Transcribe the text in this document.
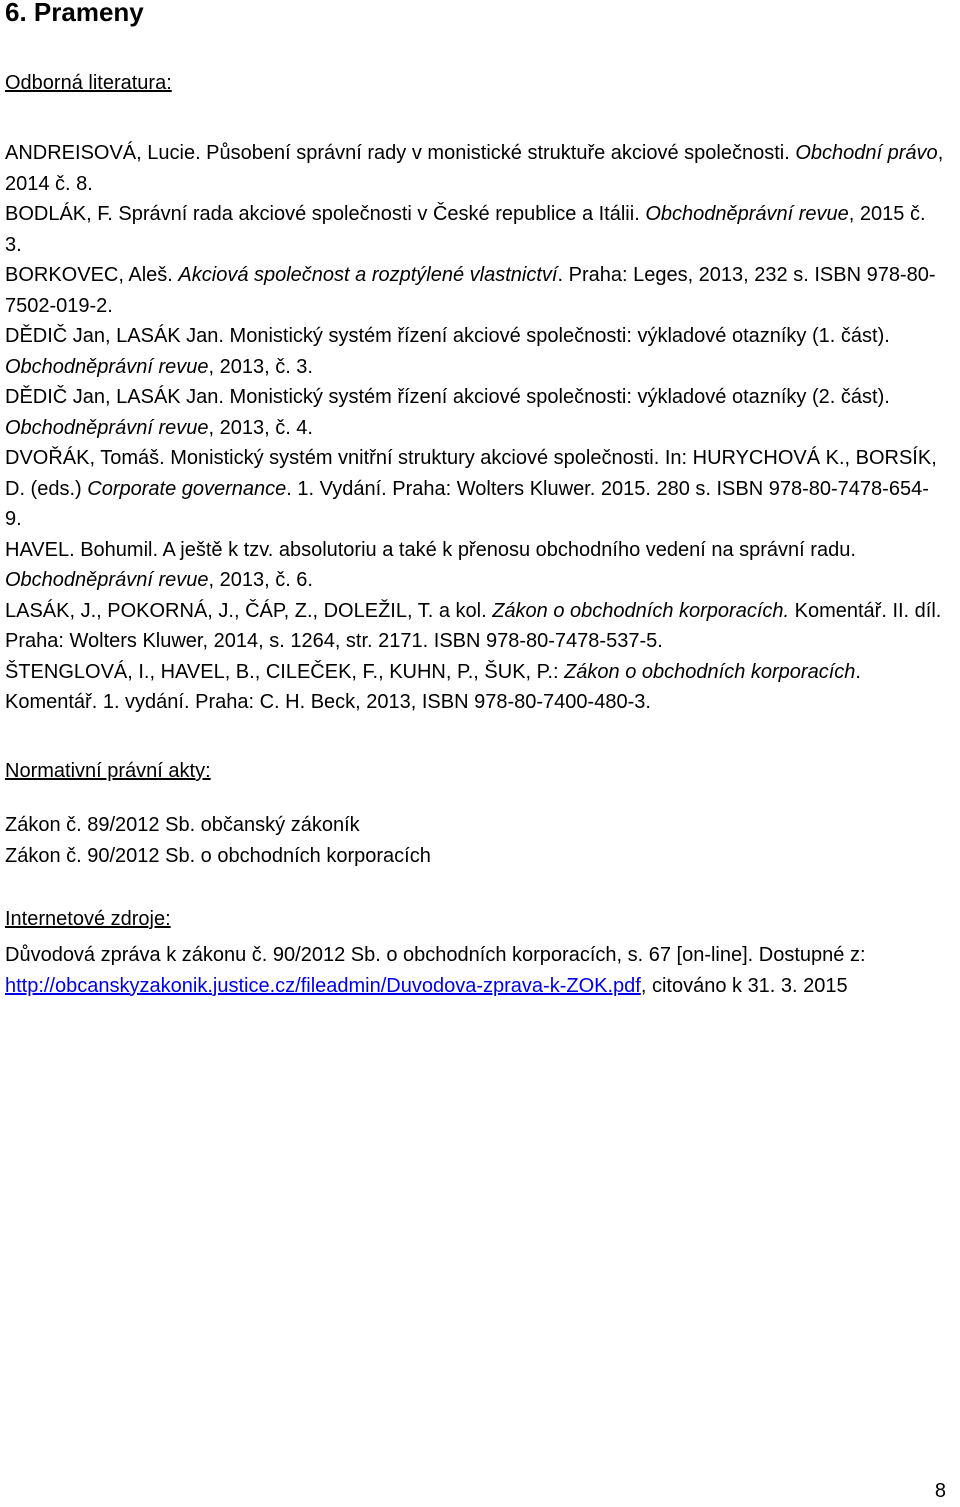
6. Prameny
Odborná literatura:

ANDREISOVÁ, Lucie. Působení správní rady v monistické struktuře akciové společnosti. Obchodní právo, 2014 č. 8.

BODLÁK, F. Správní rada akciové společnosti v České republice a Itálii. Obchodněprávní revue, 2015 č. 3.

BORKOVEC, Aleš. Akciová společnost a rozptýlené vlastnictví. Praha: Leges, 2013, 232 s. ISBN 978-80-7502-019-2.

DĚDIČ Jan, LASÁK Jan. Monistický systém řízení akciové společnosti: výkladové otazníky (1. část). Obchodněprávní revue, 2013, č. 3.

DĚDIČ Jan, LASÁK Jan. Monistický systém řízení akciové společnosti: výkladové otazníky (2. část). Obchodněprávní revue, 2013, č. 4.

DVOŘÁK, Tomáš. Monistický systém vnitřní struktury akciové společnosti. In: HURYCHOVÁ K., BORSÍK, D. (eds.) Corporate governance. 1. Vydání. Praha: Wolters Kluwer. 2015. 280 s. ISBN 978-80-7478-654-9.

HAVEL. Bohumil. A ještě k tzv. absolutoriu a také k přenosu obchodního vedení na správní radu. Obchodněprávní revue, 2013, č. 6.

LASÁK, J., POKORNÁ, J., ČÁP, Z., DOLEŽIL, T. a kol. Zákon o obchodních korporacích. Komentář. II. díl. Praha: Wolters Kluwer, 2014, s. 1264, str. 2171. ISBN 978-80-7478-537-5.

ŠTENGLOVÁ, I., HAVEL, B., CILEČEK, F., KUHN, P., ŠUK, P.: Zákon o obchodních korporacích. Komentář. 1. vydání. Praha: C. H. Beck, 2013, ISBN 978-80-7400-480-3.

Normativní právní akty:

Zákon č. 89/2012 Sb. občanský zákoník

Zákon č. 90/2012 Sb. o obchodních korporacích

Internetové zdroje:

Důvodová zpráva k zákonu č. 90/2012 Sb. o obchodních korporacích, s. 67 [on-line]. Dostupné z: http://obcanskyzakonik.justice.cz/fileadmin/Duvodova-zprava-k-ZOK.pdf, citováno k 31. 3. 2015

8
